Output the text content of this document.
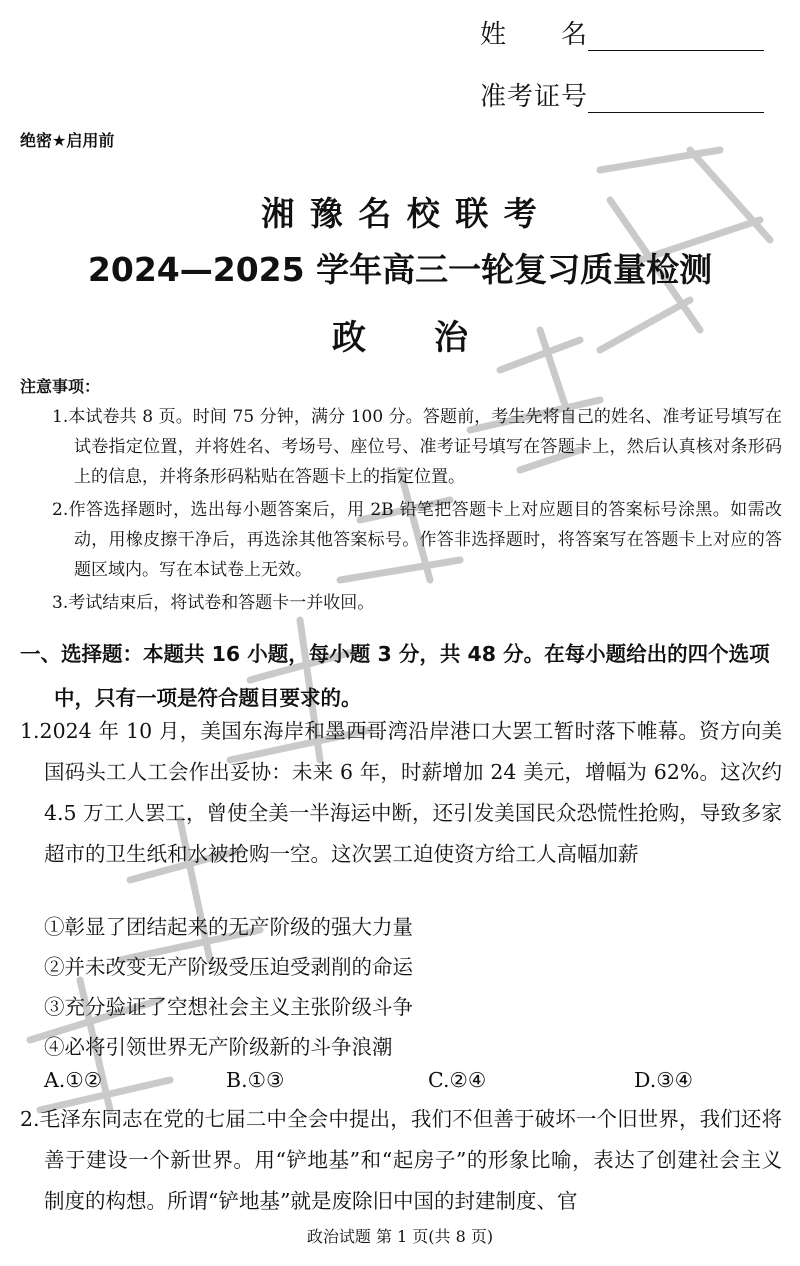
姓　　名
准考证号
绝密★启用前
湘 豫 名 校 联 考
2024—2025 学年高三一轮复习质量检测
政　　治
注意事项：
1.本试卷共 8 页。时间 75 分钟，满分 100 分。答题前，考生先将自己的姓名、准考证号填写在试卷指定位置，并将姓名、考场号、座位号、准考证号填写在答题卡上，然后认真核对条形码上的信息，并将条形码粘贴在答题卡上的指定位置。
2.作答选择题时，选出每小题答案后，用 2B 铅笔把答题卡上对应题目的答案标号涂黑。如需改动，用橡皮擦干净后，再选涂其他答案标号。作答非选择题时，将答案写在答题卡上对应的答题区域内。写在本试卷上无效。
3.考试结束后，将试卷和答题卡一并收回。
一、选择题：本题共 16 小题，每小题 3 分，共 48 分。在每小题给出的四个选项中，只有一项是符合题目要求的。
1.2024 年 10 月，美国东海岸和墨西哥湾沿岸港口大罢工暂时落下帷幕。资方向美国码头工人工会作出妥协：未来 6 年，时薪增加 24 美元，增幅为 62%。这次约 4.5 万工人罢工，曾使全美一半海运中断，还引发美国民众恐慌性抢购，导致多家超市的卫生纸和水被抢购一空。这次罢工迫使资方给工人高幅加薪
①彰显了团结起来的无产阶级的强大力量
②并未改变无产阶级受压迫受剥削的命运
③充分验证了空想社会主义主张阶级斗争
④必将引领世界无产阶级新的斗争浪潮
A.①②	B.①③	C.②④	D.③④
2.毛泽东同志在党的七届二中全会中提出，我们不但善于破坏一个旧世界，我们还将善于建设一个新世界。用“铲地基”和“起房子”的形象比喻，表达了创建社会主义制度的构想。所谓“铲地基”就是废除旧中国的封建制度、官
政治试题 第 1 页(共 8 页)
